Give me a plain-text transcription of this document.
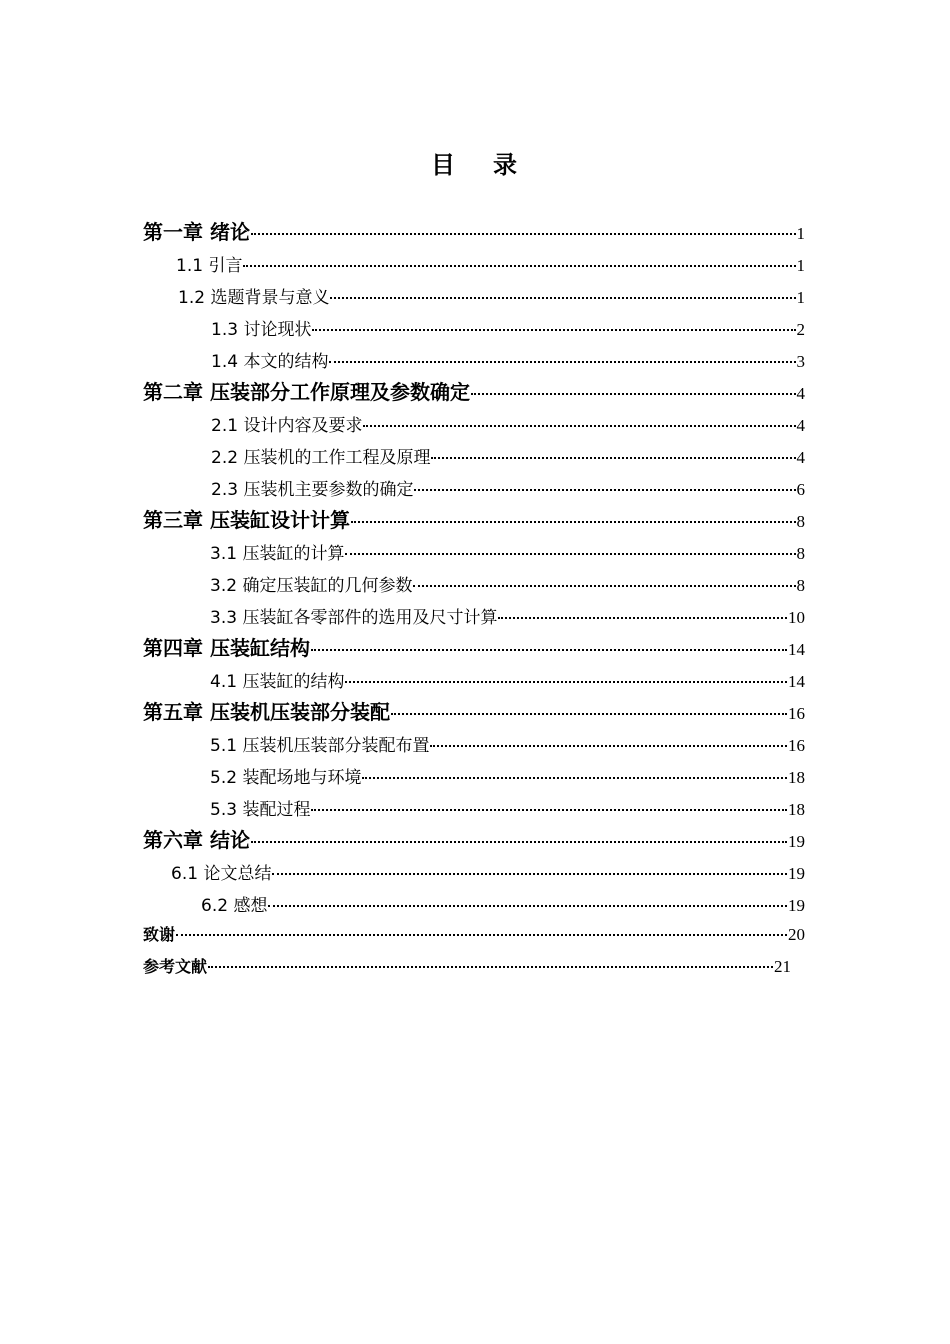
目 录
第一章 绪论	1
1.1 引言	1
1.2 选题背景与意义	1
1.3 讨论现状	2
1.4 本文的结构	3
第二章 压装部分工作原理及参数确定	4
2.1 设计内容及要求	4
2.2 压装机的工作工程及原理	4
2.3 压装机主要参数的确定	6
第三章 压装缸设计计算	8
3.1 压装缸的计算	8
3.2 确定压装缸的几何参数	8
3.3 压装缸各零部件的选用及尺寸计算	10
第四章 压装缸结构	14
4.1 压装缸的结构	14
第五章 压装机压装部分装配	16
5.1 压装机压装部分装配布置	16
5.2 装配场地与环境	18
5.3 装配过程	18
第六章 结论	19
6.1 论文总结	19
6.2 感想	19
致谢	20
参考文献	21
